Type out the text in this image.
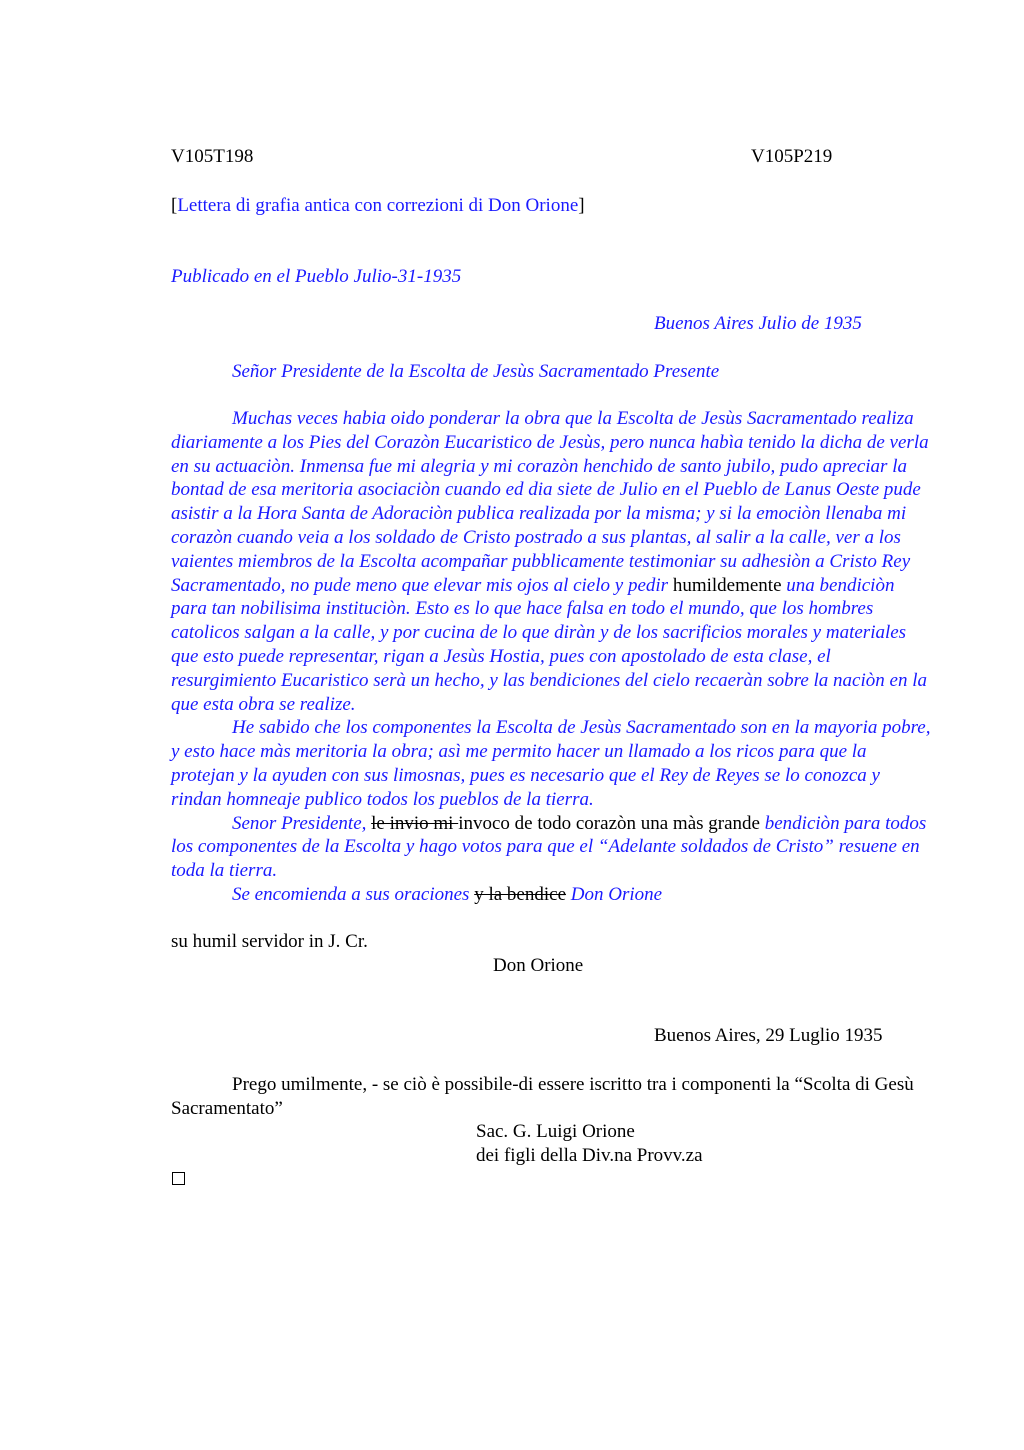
V105T198	V105P219
[Lettera di grafia antica con correzioni di Don Orione]
Publicado en el Pueblo Julio-31-1935
Buenos Aires Julio de 1935
Señor Presidente de la Escolta de Jesùs Sacramentado Presente

Muchas veces habia oido ponderar la obra que la Escolta de Jesùs Sacramentado realiza diariamente a los Pies del Corazòn Eucaristico de Jesùs, pero nunca habìa tenido la dicha de verla en su actuaciòn. Inmensa fue mi alegria y mi corazòn henchido de santo jubilo, pudo apreciar la bontad de esa meritoria asociaciòn cuando ed dia siete de Julio en el Pueblo de Lanus Oeste pude asistir a la Hora Santa de Adoraciòn publica realizada por la misma; y si la emociòn llenaba mi corazòn cuando veia a los soldado de Cristo postrado a sus plantas, al salir a la calle, ver a los vaientes miembros de la Escolta acompañar pubblicamente testimoniar su adhesiòn a Cristo Rey Sacramentado, no pude meno que elevar mis ojos al cielo y pedir humildemente una bendiciòn para tan nobilisima instituciòn. Esto es lo que hace falsa en todo el mundo, que los hombres catolicos salgan a la calle, y por cucina de lo que diràn y de los sacrificios morales y materiales que esto puede representar, rigan a Jesùs Hostia, pues con apostolado de esta clase, el resurgimiento Eucaristico serà un hecho, y las bendiciones del cielo recaeràn sobre la naciòn en la que esta obra se realize.

He sabido che los componentes la Escolta de Jesùs Sacramentado son en la mayoria pobre, y esto hace màs meritoria la obra; asì me permito hacer un llamado a los ricos para que la protejan y la ayuden con sus limosnas, pues es necesario que el Rey de Reyes se lo conozca y rindan homneaje publico todos los pueblos de la tierra.

Senor Presidente, le invio mi invoco de todo corazòn una màs grande bendiciòn para todos los componentes de la Escolta y hago votos para que el “Adelante soldados de Cristo” resuene en toda la tierra.

Se encomienda a sus oraciones y la bendice Don Orione

su humil servidor in J. Cr.
Don Orione
Buenos Aires, 29 Luglio 1935

Prego umilmente, - se ciò è possibile-di essere iscritto tra i componenti la “Scolta di Gesù Sacramentato”

Sac. G. Luigi Orione
dei figli della Div.na Provv.za
